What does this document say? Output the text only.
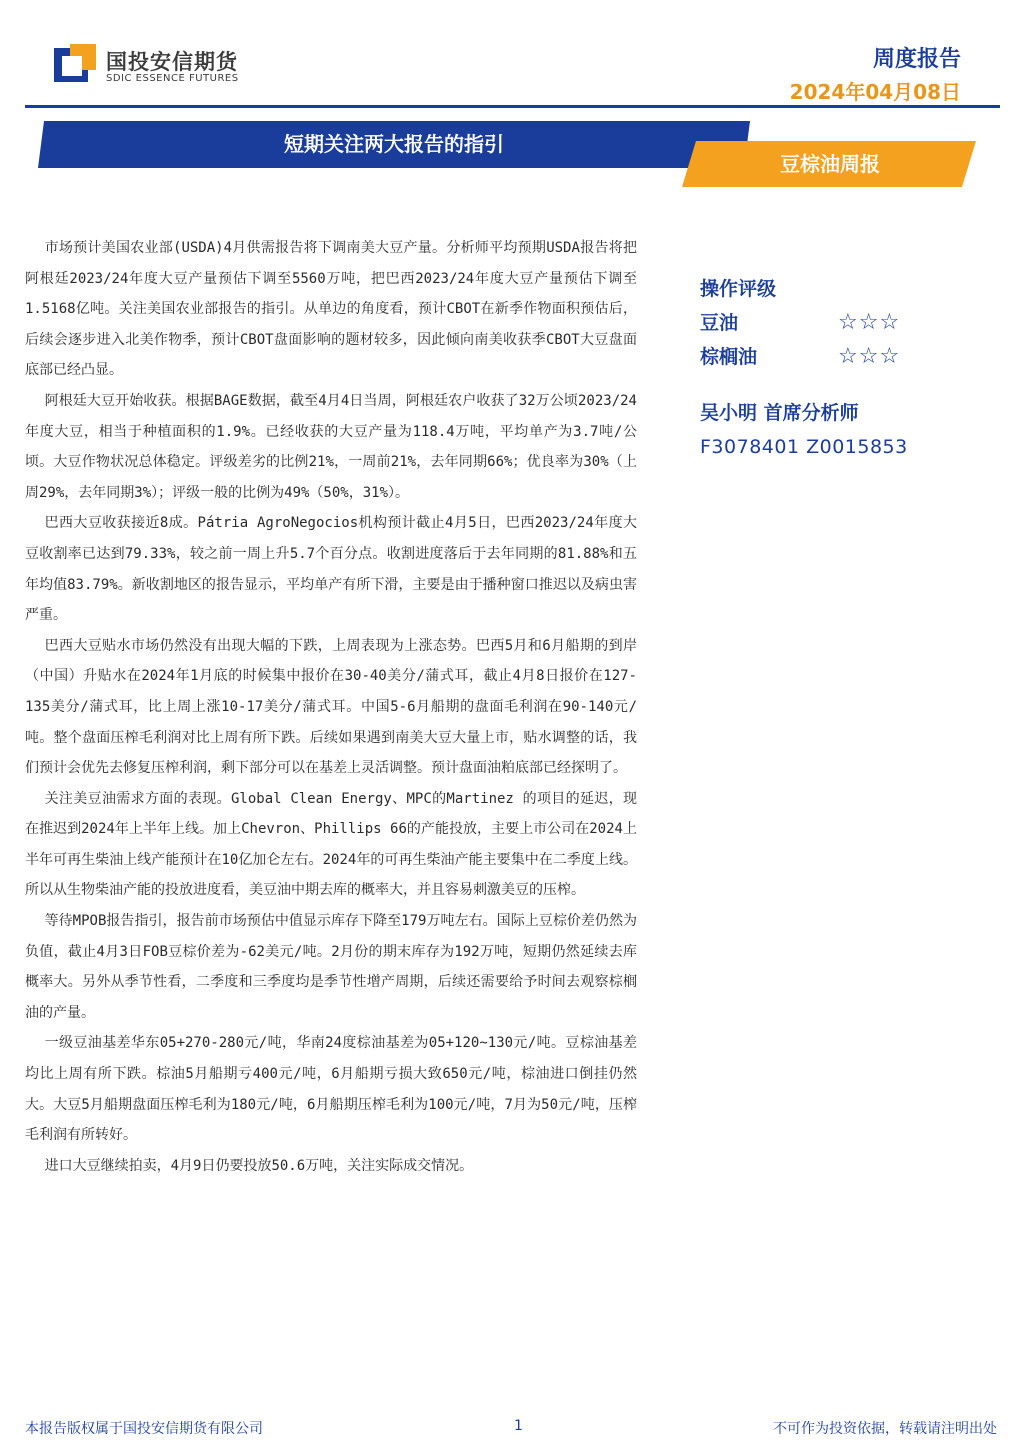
国投安信期货
SDIC ESSENCE FUTURES
周度报告
2024年04月08日
短期关注两大报告的指引
豆棕油周报

市场预计美国农业部(USDA)4月供需报告将下调南美大豆产量。分析师平均预期USDA报告将把阿根廷2023/24年度大豆产量预估下调至5560万吨，把巴西2023/24年度大豆产量预估下调至1.5168亿吨。关注美国农业部报告的指引。从单边的角度看，预计CBOT在新季作物面积预估后，后续会逐步进入北美作物季，预计CBOT盘面影响的题材较多，因此倾向南美收获季CBOT大豆盘面底部已经凸显。

阿根廷大豆开始收获。根据BAGE数据，截至4月4日当周，阿根廷农户收获了32万公顷2023/24年度大豆，相当于种植面积的1.9%。已经收获的大豆产量为118.4万吨，平均单产为3.7吨/公顷。大豆作物状况总体稳定。评级差劣的比例21%，一周前21%，去年同期66%；优良率为30%（上周29%，去年同期3%）；评级一般的比例为49%（50%，31%）。

巴西大豆收获接近8成。Pátria AgroNegocios机构预计截止4月5日，巴西2023/24年度大豆收割率已达到79.33%，较之前一周上升5.7个百分点。收割进度落后于去年同期的81.88%和五年均值83.79%。新收割地区的报告显示，平均单产有所下滑，主要是由于播种窗口推迟以及病虫害严重。

巴西大豆贴水市场仍然没有出现大幅的下跌，上周表现为上涨态势。巴西5月和6月船期的到岸（中国）升贴水在2024年1月底的时候集中报价在30-40美分/蒲式耳，截止4月8日报价在127-135美分/蒲式耳，比上周上涨10-17美分/蒲式耳。中国5-6月船期的盘面毛利润在90-140元/吨。整个盘面压榨毛利润对比上周有所下跌。后续如果遇到南美大豆大量上市，贴水调整的话，我们预计会优先去修复压榨利润，剩下部分可以在基差上灵活调整。预计盘面油粕底部已经探明了。

关注美豆油需求方面的表现。Global Clean Energy、MPC的Martinez 的项目的延迟，现在推迟到2024年上半年上线。加上Chevron、Phillips 66的产能投放，主要上市公司在2024上半年可再生柴油上线产能预计在10亿加仑左右。2024年的可再生柴油产能主要集中在二季度上线。所以从生物柴油产能的投放进度看，美豆油中期去库的概率大，并且容易刺激美豆的压榨。

等待MPOB报告指引，报告前市场预估中值显示库存下降至179万吨左右。国际上豆棕价差仍然为负值，截止4月3日FOB豆棕价差为-62美元/吨。2月份的期末库存为192万吨，短期仍然延续去库概率大。另外从季节性看，二季度和三季度均是季节性增产周期，后续还需要给予时间去观察棕榈油的产量。

一级豆油基差华东05+270-280元/吨，华南24度棕油基差为05+120~130元/吨。豆棕油基差均比上周有所下跌。棕油5月船期亏400元/吨，6月船期亏损大致650元/吨，棕油进口倒挂仍然大。大豆5月船期盘面压榨毛利为180元/吨，6月船期压榨毛利为100元/吨，7月为50元/吨，压榨毛利润有所转好。

进口大豆继续拍卖，4月9日仍要投放50.6万吨，关注实际成交情况。

操作评级
豆油	☆☆☆
棕榈油	☆☆☆
吴小明 首席分析师
F3078401 Z0015853
本报告版权属于国投安信期货有限公司	1	不可作为投资依据，转载请注明出处
